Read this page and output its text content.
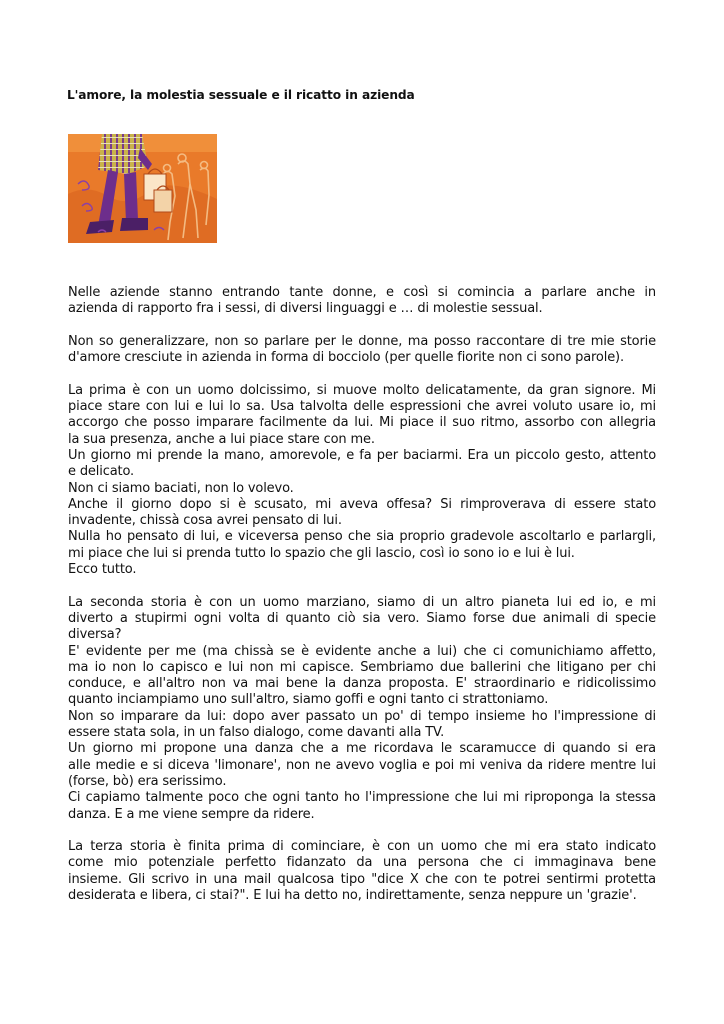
L'amore, la molestia sessuale e il ricatto in azienda

Nelle aziende stanno entrando tante donne, e così si comincia a parlare anche in
azienda di rapporto fra i sessi, di diversi linguaggi e … di molestie sessual.

Non so generalizzare, non so parlare per le donne, ma posso raccontare di tre mie storie
d'amore cresciute in azienda in forma di bocciolo (per quelle fiorite non ci sono parole).

La prima è con un uomo dolcissimo, si muove molto delicatamente, da gran signore. Mi
piace stare con lui e lui lo sa. Usa talvolta delle espressioni che avrei voluto usare io, mi
accorgo che posso imparare facilmente da lui. Mi piace il suo ritmo, assorbo con allegria
la sua presenza, anche a lui piace stare con me.
Un giorno mi prende la mano, amorevole, e fa per baciarmi. Era un piccolo gesto, attento
e delicato.
Non ci siamo baciati, non lo volevo.
Anche il giorno dopo si è scusato, mi aveva offesa? Si rimproverava di essere stato
invadente, chissà cosa avrei pensato di lui.
Nulla ho pensato di lui, e viceversa penso che sia proprio gradevole ascoltarlo e parlargli,
mi piace che lui si prenda tutto lo spazio che gli lascio, così io sono io e lui è lui.
Ecco tutto.

La seconda storia è con un uomo marziano, siamo di un altro pianeta lui ed io, e mi
diverto a stupirmi ogni volta di quanto ciò sia vero. Siamo forse due animali di specie
diversa?
E' evidente per me (ma chissà se è evidente anche a lui) che ci comunichiamo affetto,
ma io non lo capisco e lui non mi capisce. Sembriamo due ballerini che litigano per chi
conduce, e all'altro non va mai bene la danza proposta. E' straordinario e ridicolissimo
quanto inciampiamo uno sull'altro, siamo goffi e ogni tanto ci strattoniamo.
Non so imparare da lui: dopo aver passato un po' di tempo insieme ho l'impressione di
essere stata sola, in un falso dialogo, come davanti alla TV.
Un giorno mi propone una danza che a me ricordava le scaramucce di quando si era
alle medie e si diceva 'limonare', non ne avevo voglia e poi mi veniva da ridere mentre lui
(forse, bò) era serissimo.
Ci capiamo talmente poco che ogni tanto ho l'impressione che lui mi riproponga la stessa
danza. E a me viene sempre da ridere.

La terza storia è finita prima di cominciare, è con un uomo che mi era stato indicato
come mio potenziale perfetto fidanzato da una persona che ci immaginava bene
insieme. Gli scrivo in una mail qualcosa tipo "dice X che con te potrei sentirmi protetta
desiderata e libera, ci stai?". E lui ha detto no, indirettamente, senza neppure un 'grazie'.
